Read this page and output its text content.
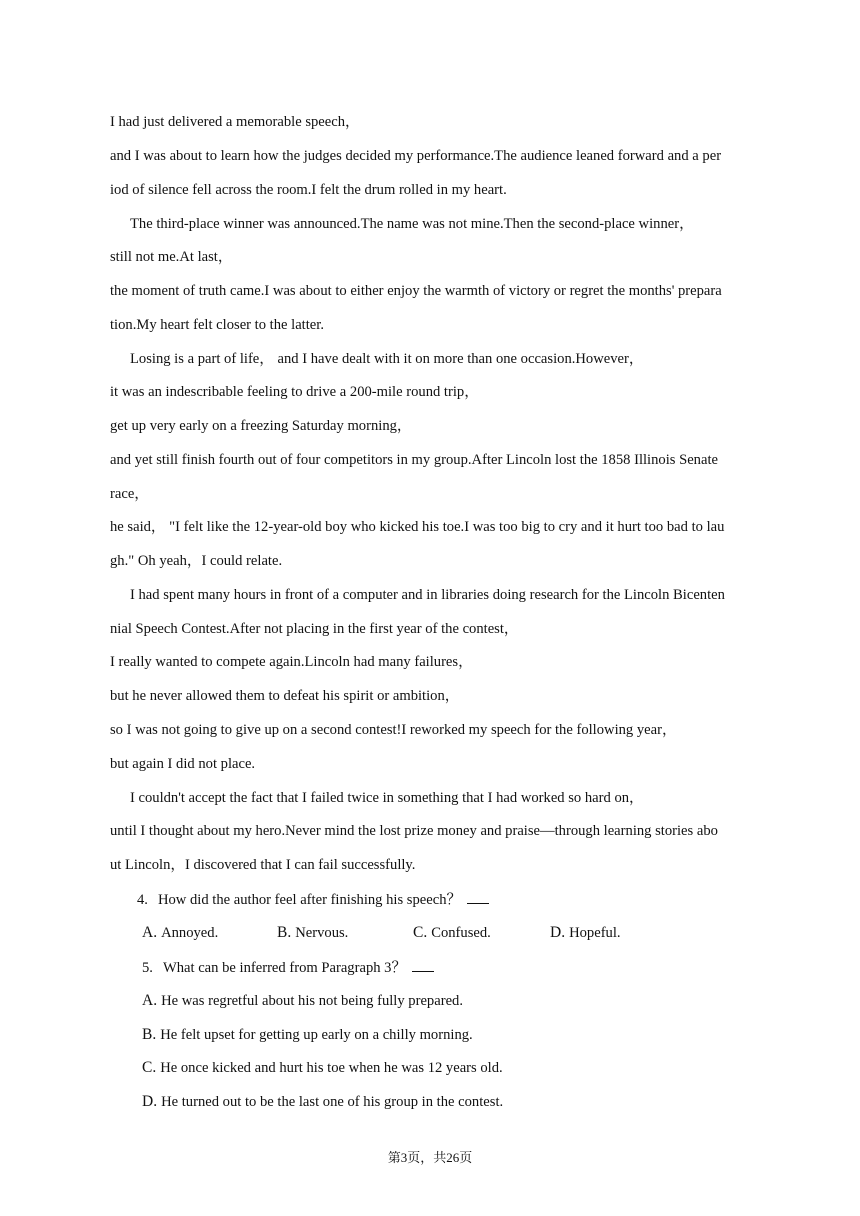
I had just delivered a memorable speech，
and I was about to learn how the judges decided my performance.The audience leaned forward and a per
iod of silence fell across the room.I felt the drum rolled in my heart.
The third-place winner was announced.The name was not mine.Then the second-place winner，
still not me.At last，
the moment of truth came.I was about to either enjoy the warmth of victory or regret the months' prepara
tion.My heart felt closer to the latter.
Losing is a part of life， and I have dealt with it on more than one occasion.However，
it was an indescribable feeling to drive a 200-mile round trip，
get up very early on a freezing Saturday morning，
and yet still finish fourth out of four competitors in my group.After Lincoln lost the 1858 Illinois Senate
race，
he said， "I felt like the 12-year-old boy who kicked his toe.I was too big to cry and it hurt too bad to lau
gh." Oh yeah，I could relate.
I had spent many hours in front of a computer and in libraries doing research for the Lincoln Bicenten
nial Speech Contest.After not placing in the first year of the contest，
I really wanted to compete again.Lincoln had many failures，
but he never allowed them to defeat his spirit or ambition，
so I was not going to give up on a second contest!I reworked my speech for the following year，
but again I did not place.
I couldn't accept the fact that I failed twice in something that I had worked so hard on，
until I thought about my hero.Never mind the lost prize money and praise—through learning stories abo
ut Lincoln，I discovered that I can fail successfully.
4. How did the author feel after finishing his speech？
A. Annoyed.	B. Nervous.	C. Confused.	D. Hopeful.
5. What can be inferred from Paragraph 3？
A. He was regretful about his not being fully prepared.
B. He felt upset for getting up early on a chilly morning.
C. He once kicked and hurt his toe when he was 12 years old.
D. He turned out to be the last one of his group in the contest.
第3页，共26页
